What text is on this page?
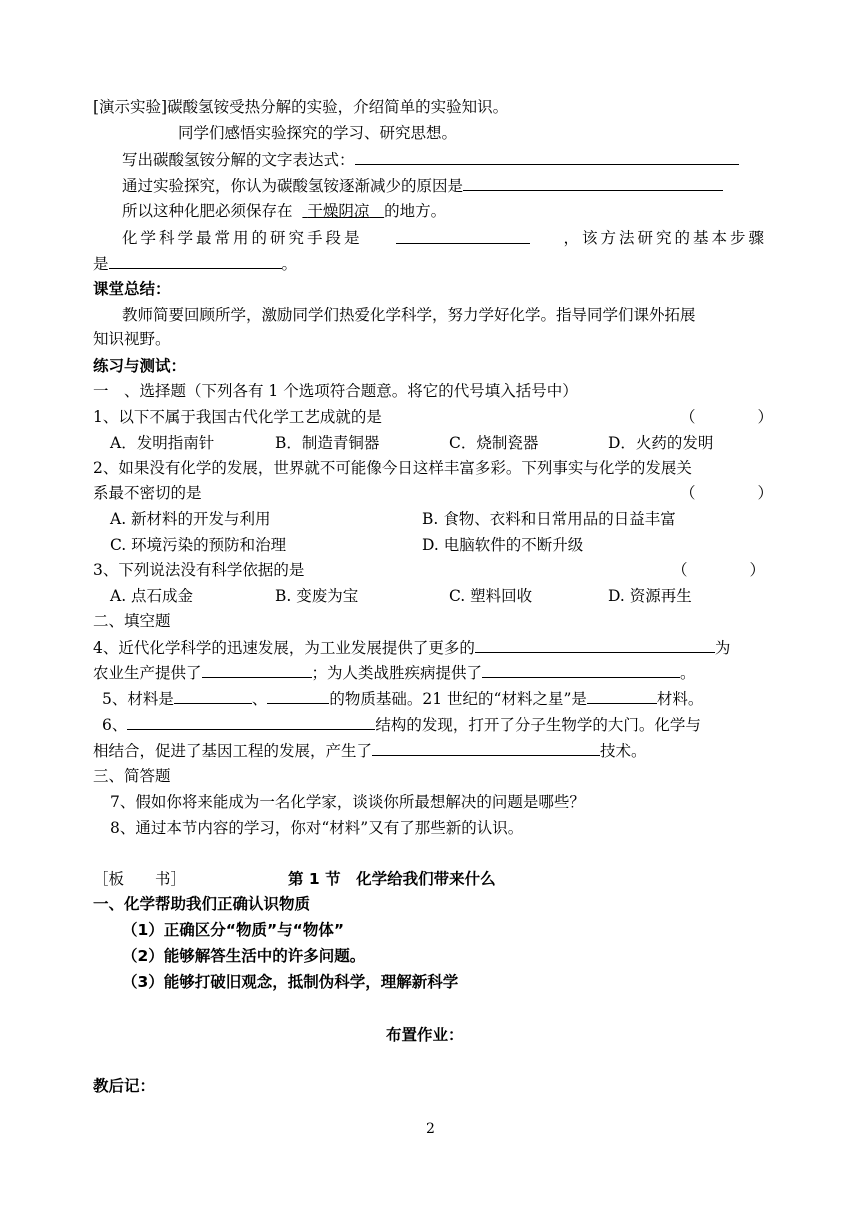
[演示实验]碳酸氢铵受热分解的实验，介绍简单的实验知识。
同学们感悟实验探究的学习、研究思想。
写出碳酸氢铵分解的文字表达式：
通过实验探究，你认为碳酸氢铵逐渐减少的原因是
所以这种化肥必须保存在 干燥阴凉 的地方。
化学科学最常用的研究手段是	，该方法研究的基本步骤
是	。
课堂总结：
教师简要回顾所学，激励同学们热爱化学科学，努力学好化学。指导同学们课外拓展
知识视野。
练习与测试：
一　、选择题（下列各有 1 个选项符合题意。将它的代号填入括号中）
1、以下不属于我国古代化学工艺成就的是	（　　　　）
A．发明指南针	B．制造青铜器	C．烧制瓷器	D．火药的发明
2、如果没有化学的发展，世界就不可能像今日这样丰富多彩。下列事实与化学的发展关
系最不密切的是	（　　　　）
A. 新材料的开发与利用	B. 食物、衣料和日常用品的日益丰富
C. 环境污染的预防和治理	D. 电脑软件的不断升级
3、下列说法没有科学依据的是	（　　　　）
A. 点石成金	B. 变废为宝	C. 塑料回收	D. 资源再生
二、填空题
4、近代化学科学的迅速发展，为工业发展提供了更多的	为
农业生产提供了	；为人类战胜疾病提供了	。
5、材料是	、	的物质基础。21 世纪的“材料之星”是	材料。
6、	结构的发现，打开了分子生物学的大门。化学与
相结合，促进了基因工程的发展，产生了	技术。
三、简答题
7、假如你将来能成为一名化学家，谈谈你所最想解决的问题是哪些？
8、通过本节内容的学习，你对“材料”又有了那些新的认识。
［板　　书］	第 1 节　化学给我们带来什么
一、化学帮助我们正确认识物质
（1）正确区分“物质”与“物体”
（2）能够解答生活中的许多问题。
（3）能够打破旧观念，抵制伪科学，理解新科学
布置作业：
教后记：
2
